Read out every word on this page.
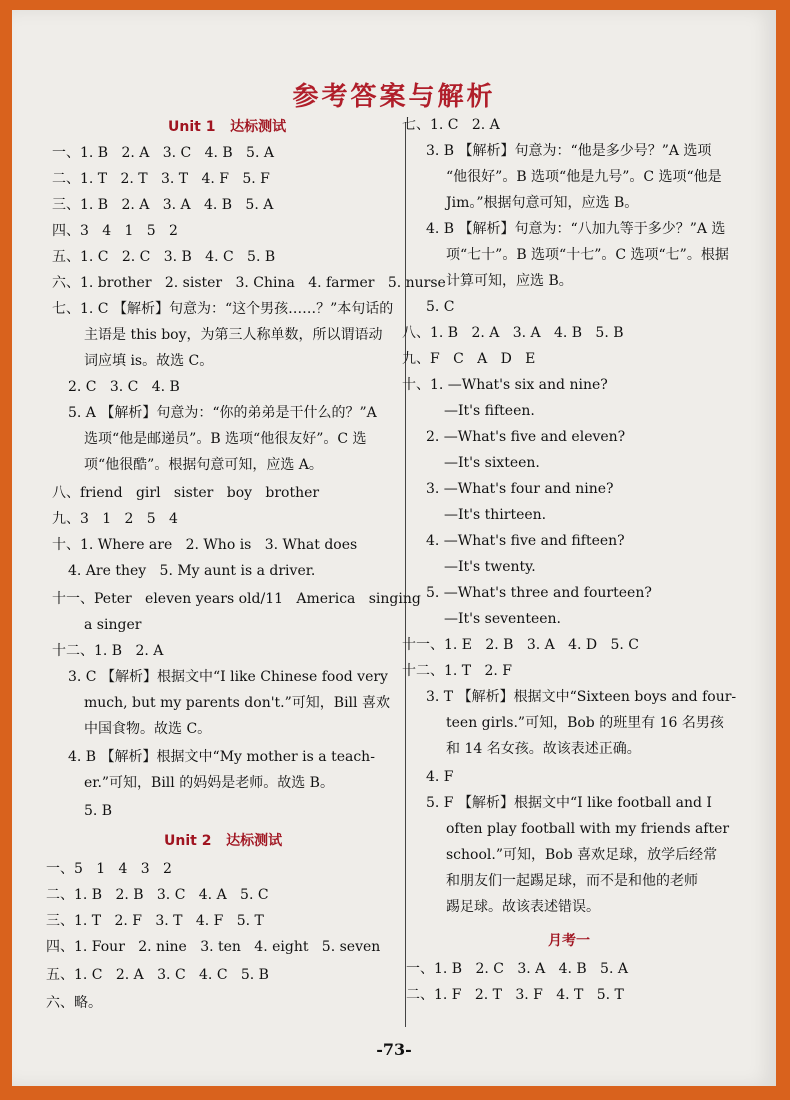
参考答案与解析
Unit 1   达标测试
一、1. B   2. A   3. C   4. B   5. A
二、1. T   2. T   3. T   4. F   5. F
三、1. B   2. A   3. A   4. B   5. A
四、3   4   1   5   2
五、1. C   2. C   3. B   4. C   5. B
六、1. brother   2. sister   3. China   4. farmer   5. nurse
七、1. C 【解析】句意为：“这个男孩……？”本句话的
主语是 this boy，为第三人称单数，所以谓语动
词应填 is。故选 C。
2. C   3. C   4. B
5. A 【解析】句意为：“你的弟弟是干什么的？”A
选项“他是邮递员”。B 选项“他很友好”。C 选
项“他很酷”。根据句意可知，应选 A。
八、friend   girl   sister   boy   brother
九、3   1   2   5   4
十、1. Where are   2. Who is   3. What does
4. Are they   5. My aunt is a driver.
十一、Peter   eleven years old/11   America   singing
a singer
十二、1. B   2. A
3. C 【解析】根据文中“I like Chinese food very
much, but my parents don't.”可知，Bill 喜欢
中国食物。故选 C。
4. B 【解析】根据文中“My mother is a teach-
er.”可知，Bill 的妈妈是老师。故选 B。
5. B
Unit 2   达标测试
一、5   1   4   3   2
二、1. B   2. B   3. C   4. A   5. C
三、1. T   2. F   3. T   4. F   5. T
四、1. Four   2. nine   3. ten   4. eight   5. seven
五、1. C   2. A   3. C   4. C   5. B
六、略。
七、1. C   2. A
3. B 【解析】句意为：“他是多少号？”A 选项
“他很好”。B 选项“他是九号”。C 选项“他是
Jim。”根据句意可知，应选 B。
4. B 【解析】句意为：“八加九等于多少？”A 选
项“七十”。B 选项“十七”。C 选项“七”。根据
计算可知，应选 B。
5. C
八、1. B   2. A   3. A   4. B   5. B
九、F   C   A   D   E
十、1. —What's six and nine?
—It's fifteen.
2. —What's five and eleven?
—It's sixteen.
3. —What's four and nine?
—It's thirteen.
4. —What's five and fifteen?
—It's twenty.
5. —What's three and fourteen?
—It's seventeen.
十一、1. E   2. B   3. A   4. D   5. C
十二、1. T   2. F
3. T 【解析】根据文中“Sixteen boys and four-
teen girls.”可知，Bob 的班里有 16 名男孩
和 14 名女孩。故该表述正确。
4. F
5. F 【解析】根据文中“I like football and I
often play football with my friends after
school.”可知，Bob 喜欢足球，放学后经常
和朋友们一起踢足球，而不是和他的老师
踢足球。故该表述错误。
月考一
一、1. B   2. C   3. A   4. B   5. A
二、1. F   2. T   3. F   4. T   5. T
-73-
